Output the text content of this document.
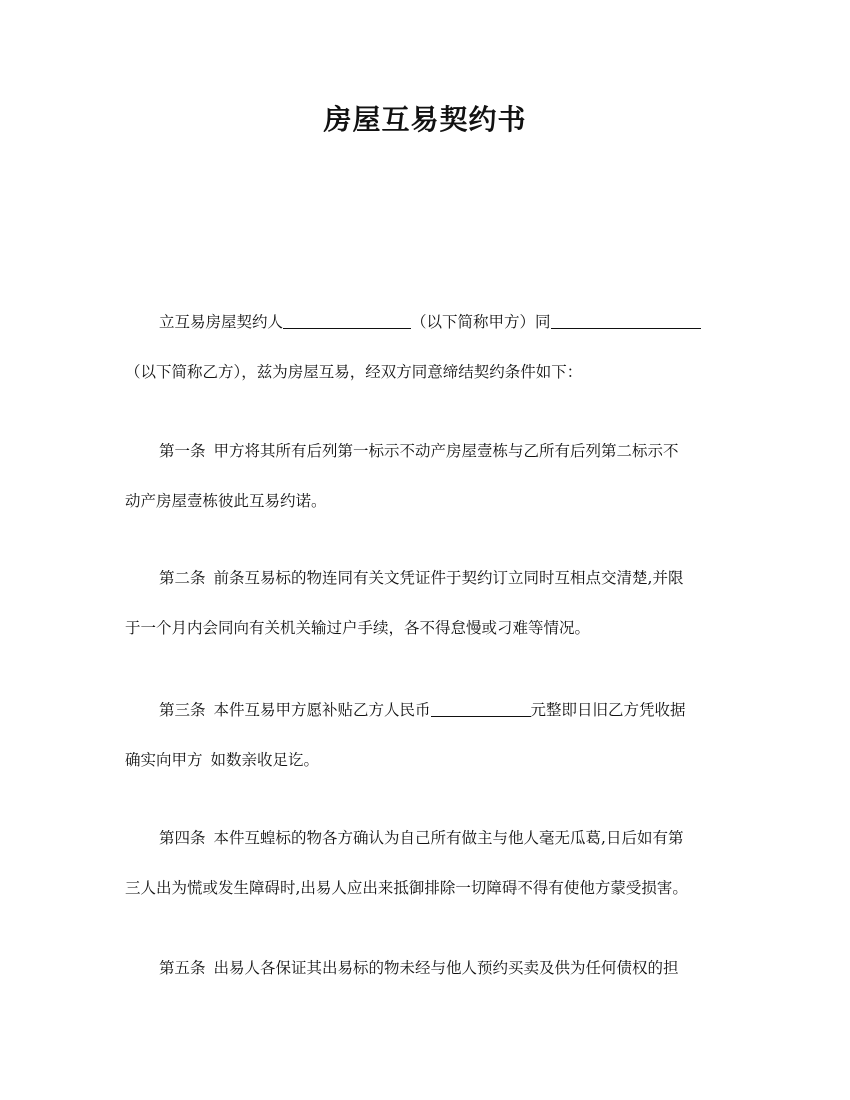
房屋互易契约书
立互易房屋契约人	（以下简称甲方）同
（以下简称乙方），兹为房屋互易，经双方同意缔结契约条件如下：
第一条 甲方将其所有后列第一标示不动产房屋壹栋与乙所有后列第二标示不
动产房屋壹栋彼此互易约诺。
第二条 前条互易标的物连同有关文凭证件于契约订立同时互相点交清楚,并限
于一个月内会同向有关机关输过户手续，各不得怠慢或刁难等情况。
第三条 本件互易甲方愿补贴乙方人民币	元整即日旧乙方凭收据
确实向甲方 如数亲收足讫。
第四条 本件互蝗标的物各方确认为自己所有做主与他人毫无瓜葛,日后如有第
三人出为慌或发生障碍时,出易人应出来抵御排除一切障碍不得有使他方蒙受损害。
第五条 出易人各保证其出易标的物未经与他人预约买卖及供为任何债权的担
